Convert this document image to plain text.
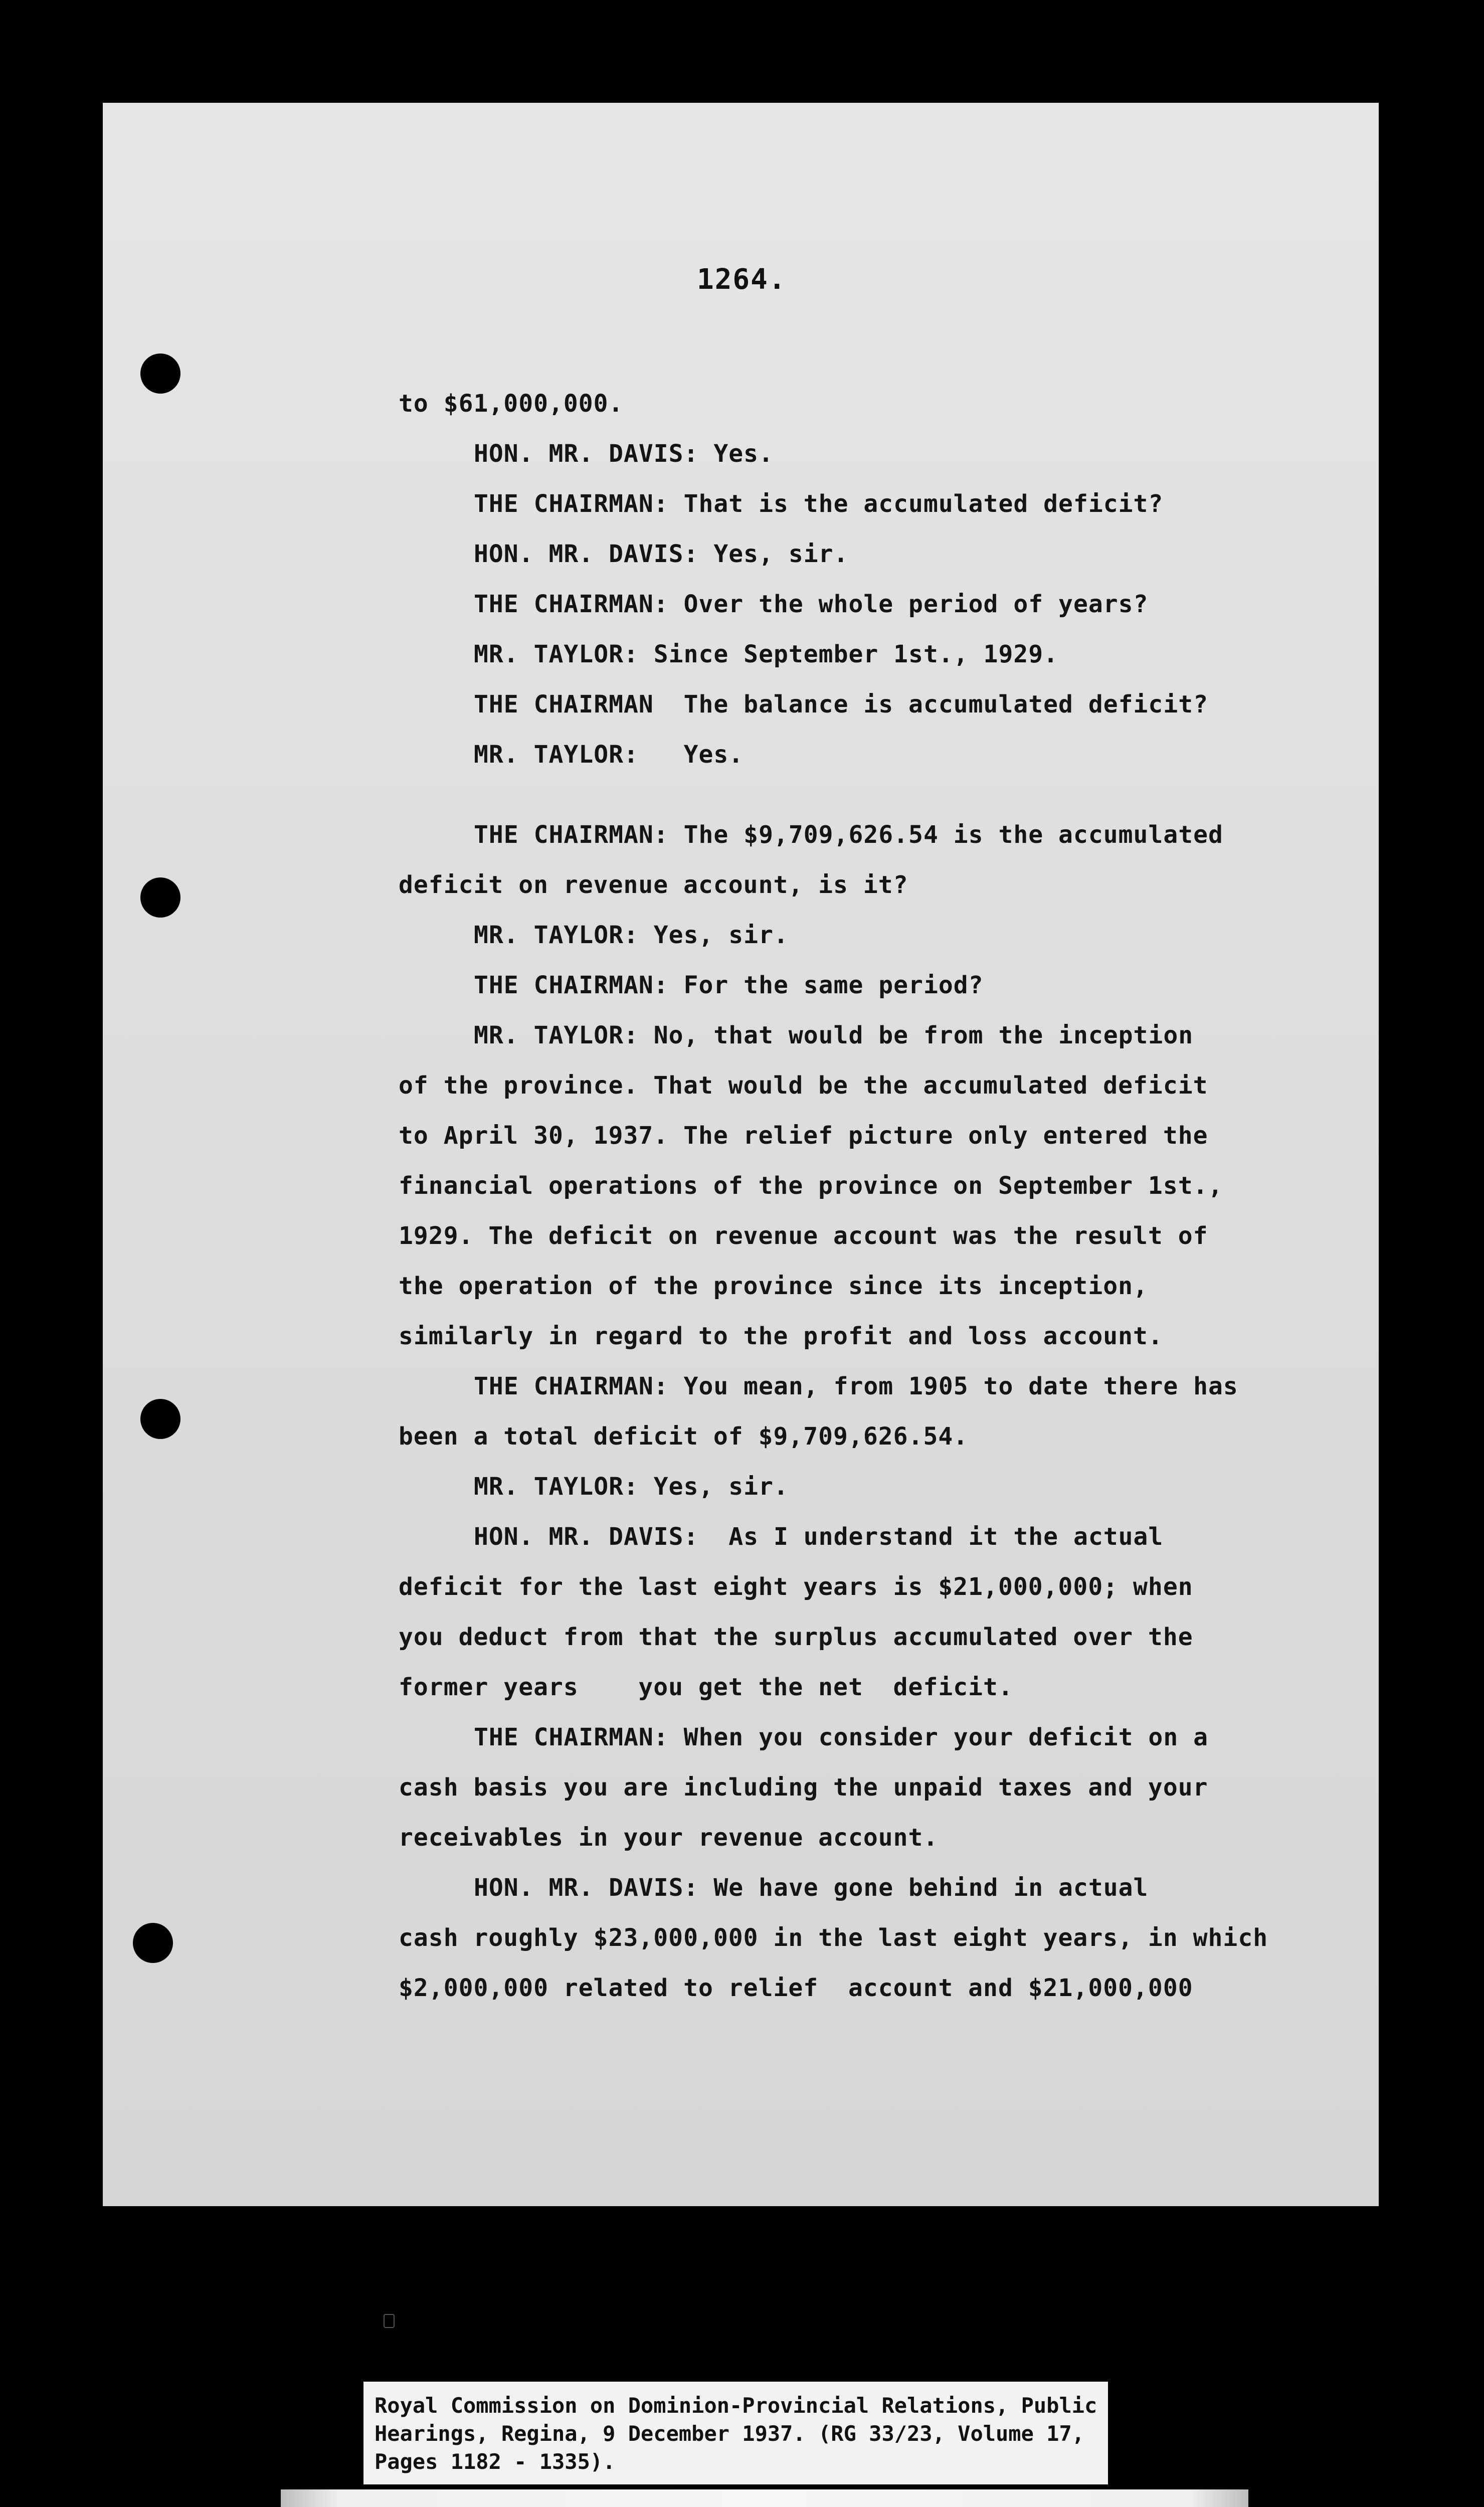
1264.
to $61,000,000.
HON. MR. DAVIS: Yes.
THE CHAIRMAN: That is the accumulated deficit?
HON. MR. DAVIS: Yes, sir.
THE CHAIRMAN: Over the whole period of years?
MR. TAYLOR: Since September 1st., 1929.
THE CHAIRMAN  The balance is accumulated deficit?
MR. TAYLOR:   Yes.
THE CHAIRMAN: The $9,709,626.54 is the accumulated
deficit on revenue account, is it?
MR. TAYLOR: Yes, sir.
THE CHAIRMAN: For the same period?
MR. TAYLOR: No, that would be from the inception
of the province. That would be the accumulated deficit
to April 30, 1937. The relief picture only entered the
financial operations of the province on September 1st.,
1929. The deficit on revenue account was the result of
the operation of the province since its inception,
similarly in regard to the profit and loss account.
THE CHAIRMAN: You mean, from 1905 to date there has
been a total deficit of $9,709,626.54.
MR. TAYLOR: Yes, sir.
HON. MR. DAVIS:  As I understand it the actual
deficit for the last eight years is $21,000,000; when
you deduct from that the surplus accumulated over the
former years    you get the net  deficit.
THE CHAIRMAN: When you consider your deficit on a
cash basis you are including the unpaid taxes and your
receivables in your revenue account.
HON. MR. DAVIS: We have gone behind in actual
cash roughly $23,000,000 in the last eight years, in which
$2,000,000 related to relief  account and $21,000,000
Royal Commission on Dominion-Provincial Relations, Public
Hearings, Regina, 9 December 1937. (RG 33/23, Volume 17,
Pages 1182 - 1335).
